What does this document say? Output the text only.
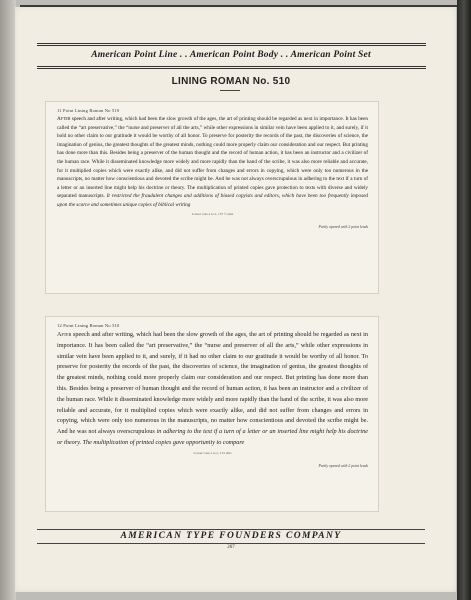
American Point Line . . American Point Body . . American Point Set
LINING ROMAN No. 510
11 Point Lining Roman No 510
After speech and after writing, which had been the slow growth of the ages, the art of printing should be regarded as next in importance. It has been called the “art preservative,” the “nurse and preserver of all the arts,” while other expressions in similar vein have been applied to it, and surely, if it hold no other claim to our gratitude it would be worthy of all honor. To preserve for posterity the records of the past, the discoveries of science, the imagination of genius, the greatest thoughts of the greatest minds, nothing could more properly claim our consideration and our respect. But printing has done more than this. Besides being a preserver of the human thought and the record of human action, it has been an instructor and a civilizer of the human race. While it disseminated knowledge more widely and more rapidly than the hand of the scribe, it was also more reliable and accurate, for it multiplied copies which were exactly alike, and did not suffer from changes and errors in copying, which were only too numerous in the manuscripts, no matter how conscientious and devoted the scribe might be. And he was not always overscrupulous in adhering to the text if a turn of a letter or an inserted line might help his doctrine or theory. The multiplication of printed copies gave protection to texts with diverse and widely separated manuscripts. It restricted the fraudulent changes and additions of biased copyists and editors, which have been too frequently imposed upon the scarce and sometimes unique copies of biblical writing
Lower case a to z, 157 ½ ems
Partly opened with 2 point leads
12 Point Lining Roman No 510
After speech and after writing, which had been the slow growth of the ages, the art of printing should be regarded as next in importance. It has been called the “art preservative,” the “nurse and preserver of all the arts,” while other expressions in similar vein have been applied to it, and surely, if it had no other claim to our gratitude it would be worthy of all honor. To preserve for posterity the records of the past, the discoveries of science, the imagination of genius, the greatest thoughts of the greatest minds, nothing could more properly claim our consideration and our respect. But printing has done more than this. Besides being a preserver of human thought and the record of human action, it has been an instructor and a civilizer of the human race. While it disseminated knowledge more widely and more rapidly than the hand of the scribe, it was also more reliable and accurate, for it multiplied copies which were exactly alike, and did not suffer from changes and errors in copying, which were only too numerous in the manuscripts, no matter how conscientious and devoted the scribe might be. And he was not always overscrupulous in adhering to the text if a turn of a letter or an inserted line might help his doctrine or theory. The multiplication of printed copies gave opportunity to compare
Lower case a to z, 172 ems
Partly opened with 2 point leads
AMERICAN TYPE FOUNDERS COMPANY
267
